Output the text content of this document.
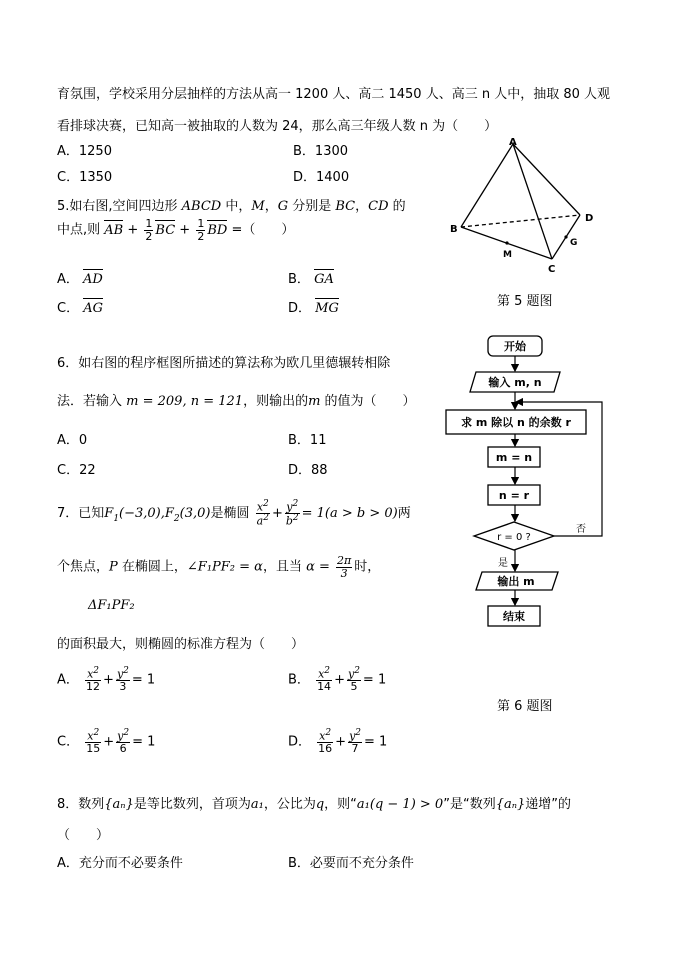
育氛围，学校采用分层抽样的方法从高一 1200 人、高二 1450 人、高三 n 人中，抽取 80 人观
看排球决赛，已知高一被抽取的人数为 24，那么高三年级人数 n 为（　　）
A．1250	B．1300
C．1350	D．1400
5.如右图,空间四边形 ABCD 中，M，G 分别是 BC，CD 的
中点,则 AB + $\frac{1}{2}$ BC + $\frac{1}{2}$ BD =（　　）
A． AD	B． GA
C． AG	D． MG
A
B
C
D
M
G
第 5 题图
6．如右图的程序框图所描述的算法称为欧几里德辗转相除
法．若输入 m = 209, n = 121，则输出的m 的值为（　　）
A．0	B．11
C．22	D．88
开始
输入 m, n
求 m 除以 n 的余数 r
m = n
n = r
r = 0 ?
否
是
输出 m
结束
7．已知$F_1(-3,0),F_2(3,0)$是椭圆 $\frac{x^2}{a^2} + \frac{y^2}{b^2} = 1(a > b > 0)$两
个焦点，P 在椭圆上，∠F₁PF₂ = α，且当 $\alpha = \frac{2\pi}{3}$ 时，
ΔF₁PF₂
的面积最大，则椭圆的标准方程为（　　）
A． $\frac{x^2}{12} + \frac{y^2}{3} = 1$	B． $\frac{x^2}{14} + \frac{y^2}{5} = 1$
第 6 题图
C． $\frac{x^2}{15} + \frac{y^2}{6} = 1$	D． $\frac{x^2}{16} + \frac{y^2}{7} = 1$
8．数列{aₙ}是等比数列，首项为a₁，公比为q，则“a₁(q − 1) > 0”是“数列{aₙ}递增”的
（　　）
A．充分而不必要条件	B．必要而不充分条件
